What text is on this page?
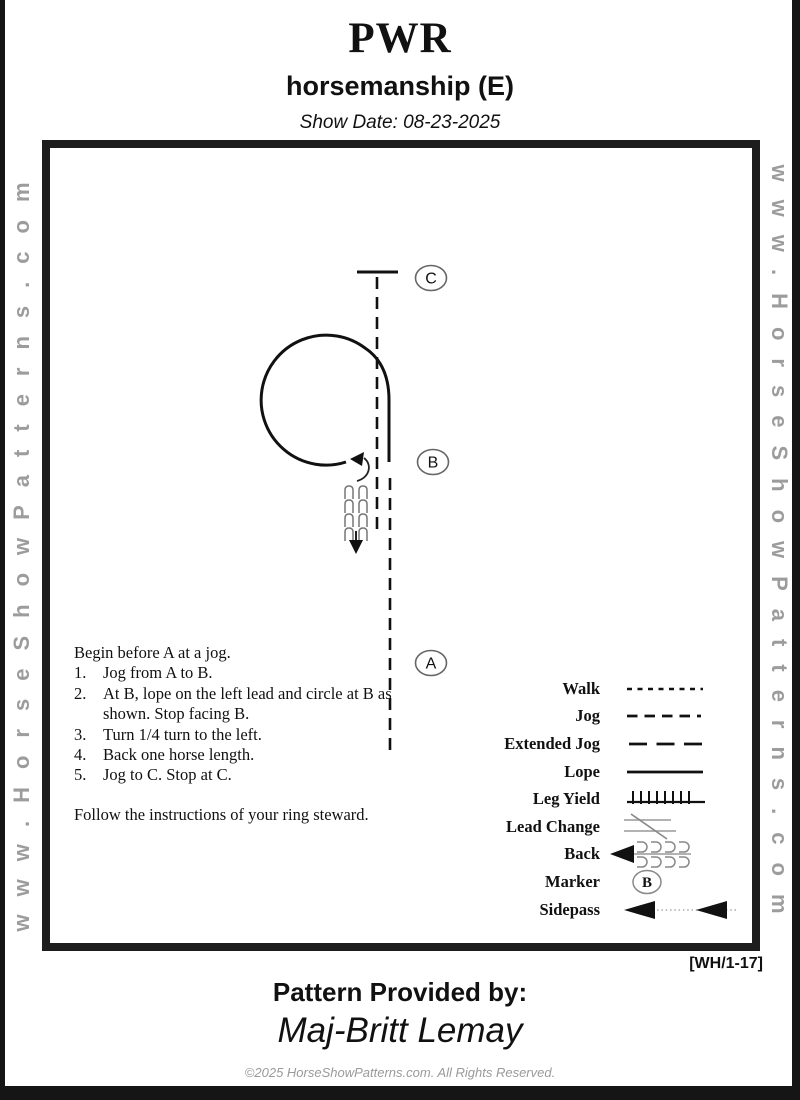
PWR
horsemanship (E)
Show Date: 08-23-2025
www.HorseShowPatterns.com	www.HorseShowPatterns.com
C
B
A
Begin before A at a jog.
1.	Jog from A to B.
2.	At B, lope on the left lead and circle at B as shown. Stop facing B.
3.	Turn 1/4 turn to the left.
4.	Back one horse length.
5.	Jog to C. Stop at C.
Follow the instructions of your ring steward.
Walk
Jog
Extended Jog
Lope
Leg Yield
Lead Change
Back
Marker	B
Sidepass
[WH/1-17]
Pattern Provided by:
Maj-Britt Lemay
©2025 HorseShowPatterns.com. All Rights Reserved.
